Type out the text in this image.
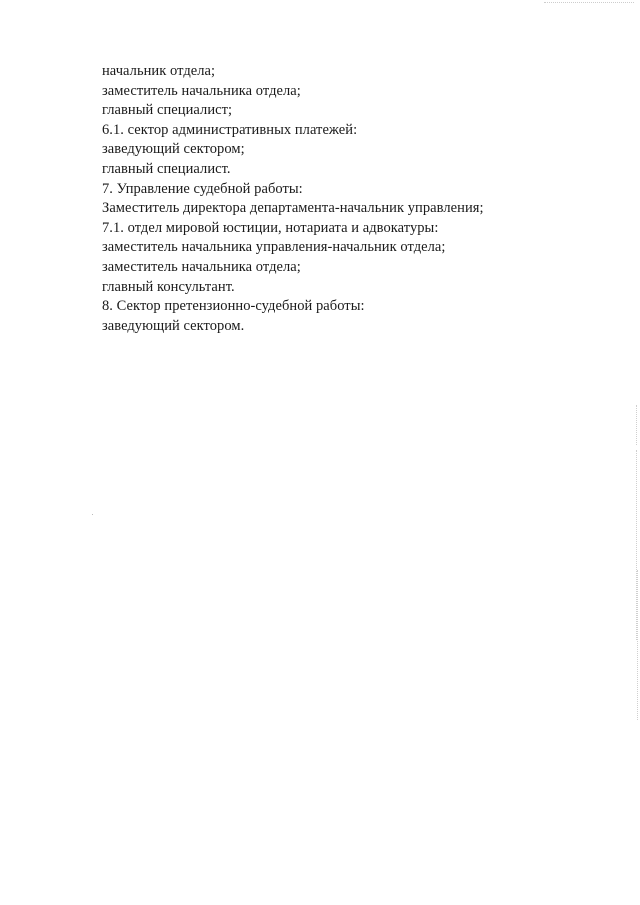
начальник отдела;
заместитель начальника отдела;
главный специалист;
6.1. сектор административных платежей:
заведующий сектором;
главный специалист.
7. Управление судебной работы:
Заместитель директора департамента-начальник управления;
7.1. отдел мировой юстиции, нотариата и адвокатуры:
заместитель начальника управления-начальник отдела;
заместитель начальника отдела;
главный консультант.
8. Сектор претензионно-судебной работы:
заведующий сектором.
